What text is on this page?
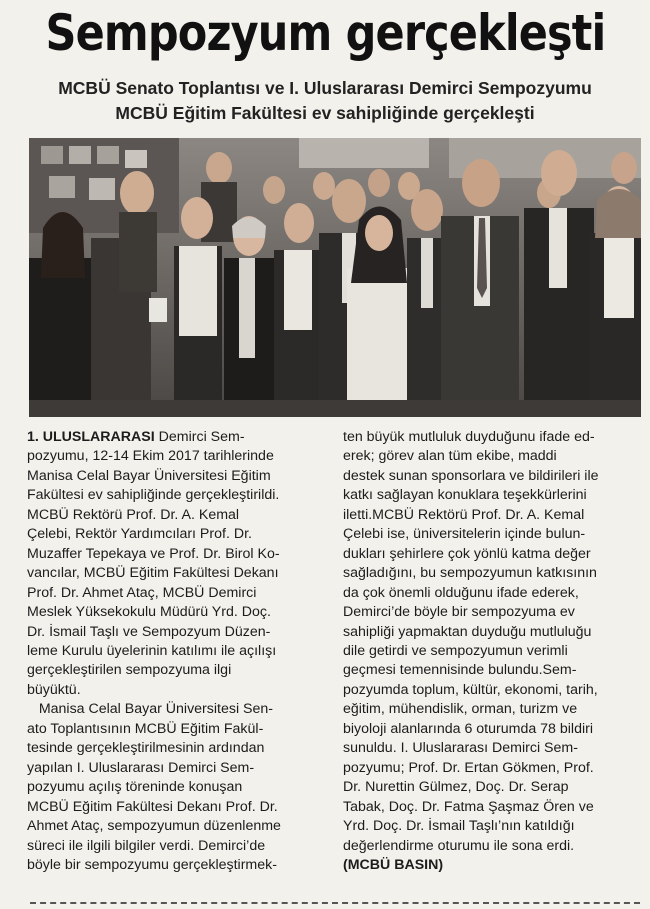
Sempozyum gerçekleşti
MCBÜ Senato Toplantısı ve I. Uluslararası Demirci Sempozyumu
MCBÜ Eğitim Fakültesi ev sahipliğinde gerçekleşti

1. ULUSLARARASI Demirci Sem-

pozyumu, 12-14 Ekim 2017 tarihlerinde

Manisa Celal Bayar Üniversitesi Eğitim

Fakültesi ev sahipliğinde gerçekleştirildi.

MCBÜ Rektörü Prof. Dr. A. Kemal

Çelebi, Rektör Yardımcıları Prof. Dr.

Muzaffer Tepekaya ve Prof. Dr. Birol Ko-

vancılar, MCBÜ Eğitim Fakültesi Dekanı

Prof. Dr. Ahmet Ataç, MCBÜ Demirci

Meslek Yüksekokulu Müdürü Yrd. Doç.

Dr. İsmail Taşlı ve Sempozyum Düzen-

leme Kurulu üyelerinin katılımı ile açılışı

gerçekleştirilen sempozyuma ilgi

büyüktü.

Manisa Celal Bayar Üniversitesi Sen-

ato Toplantısının MCBÜ Eğitim Fakül-

tesinde gerçekleştirilmesinin ardından

yapılan I. Uluslararası Demirci Sem-

pozyumu açılış töreninde konuşan

MCBÜ Eğitim Fakültesi Dekanı Prof. Dr.

Ahmet Ataç, sempozyumun düzenlenme

süreci ile ilgili bilgiler verdi. Demirci’de

böyle bir sempozyumu gerçekleştirmek-

ten büyük mutluluk duyduğunu ifade ed-

erek; görev alan tüm ekibe, maddi

destek sunan sponsorlara ve bildirileri ile

katkı sağlayan konuklara teşekkürlerini

iletti.MCBÜ Rektörü Prof. Dr. A. Kemal

Çelebi ise, üniversitelerin içinde bulun-

dukları şehirlere çok yönlü katma değer

sağladığını, bu sempozyumun katkısının

da çok önemli olduğunu ifade ederek,

Demirci’de böyle bir sempozyuma ev

sahipliği yapmaktan duyduğu mutluluğu

dile getirdi ve sempozyumun verimli

geçmesi temennisinde bulundu.Sem-

pozyumda toplum, kültür, ekonomi, tarih,

eğitim, mühendislik, orman, turizm ve

biyoloji alanlarında 6 oturumda 78 bildiri

sunuldu. I. Uluslararası Demirci Sem-

pozyumu; Prof. Dr. Ertan Gökmen, Prof.

Dr. Nurettin Gülmez, Doç. Dr. Serap

Tabak, Doç. Dr. Fatma Şaşmaz Ören ve

Yrd. Doç. Dr. İsmail Taşlı’nın katıldığı

değerlendirme oturumu ile sona erdi.

(MCBÜ BASIN)
